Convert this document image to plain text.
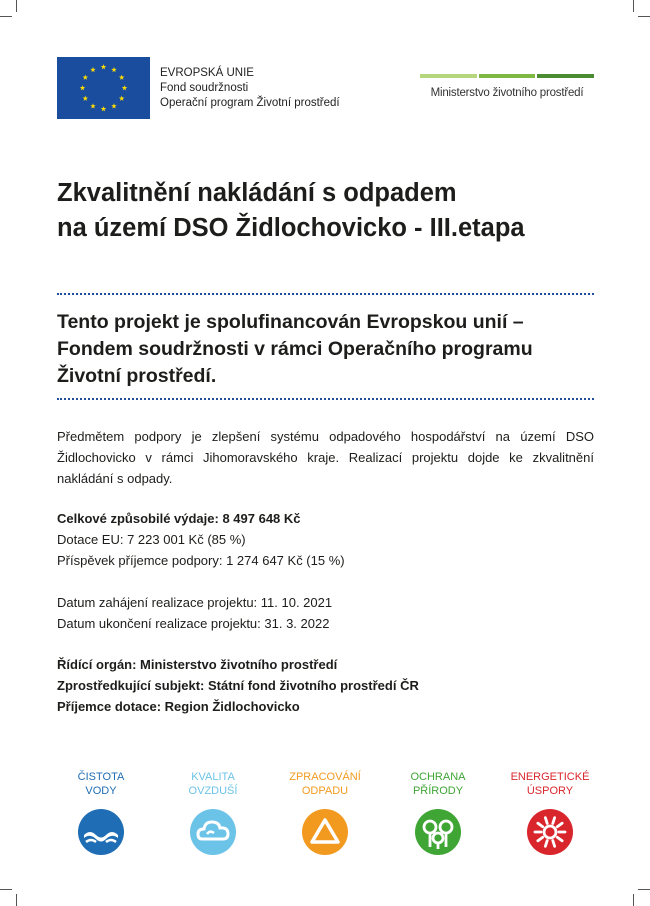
EVROPSKÁ UNIE
Fond soudržnosti
Operační program Životní prostředí
Ministerstvo životního prostředí
Zkvalitnění nakládání s odpadem
na území DSO Židlochovicko - III.etapa
Tento projekt je spolufinancován Evropskou unií –
Fondem soudržnosti v rámci Operačního programu
Životní prostředí.

Předmětem podpory je zlepšení systému odpadového hospodářství na území DSO Židlochovicko v rámci Jihomoravského kraje. Realizací projektu dojde ke zkvalitnění nakládání s odpady.

Celkové způsobilé výdaje: 8 497 648 Kč
Dotace EU: 7 223 001 Kč (85 %)
Příspěvek příjemce podpory: 1 274 647 Kč (15 %)
Datum zahájení realizace projektu: 11. 10. 2021
Datum ukončení realizace projektu: 31. 3. 2022
Řídící orgán: Ministerstvo životního prostředí
Zprostředkující subjekt: Státní fond životního prostředí ČR
Příjemce dotace: Region Židlochovicko
ČISTOTA
VODY
KVALITA
OVZDUŠÍ
ZPRACOVÁNÍ
ODPADU
OCHRANA
PŘÍRODY
ENERGETICKÉ
ÚSPORY
